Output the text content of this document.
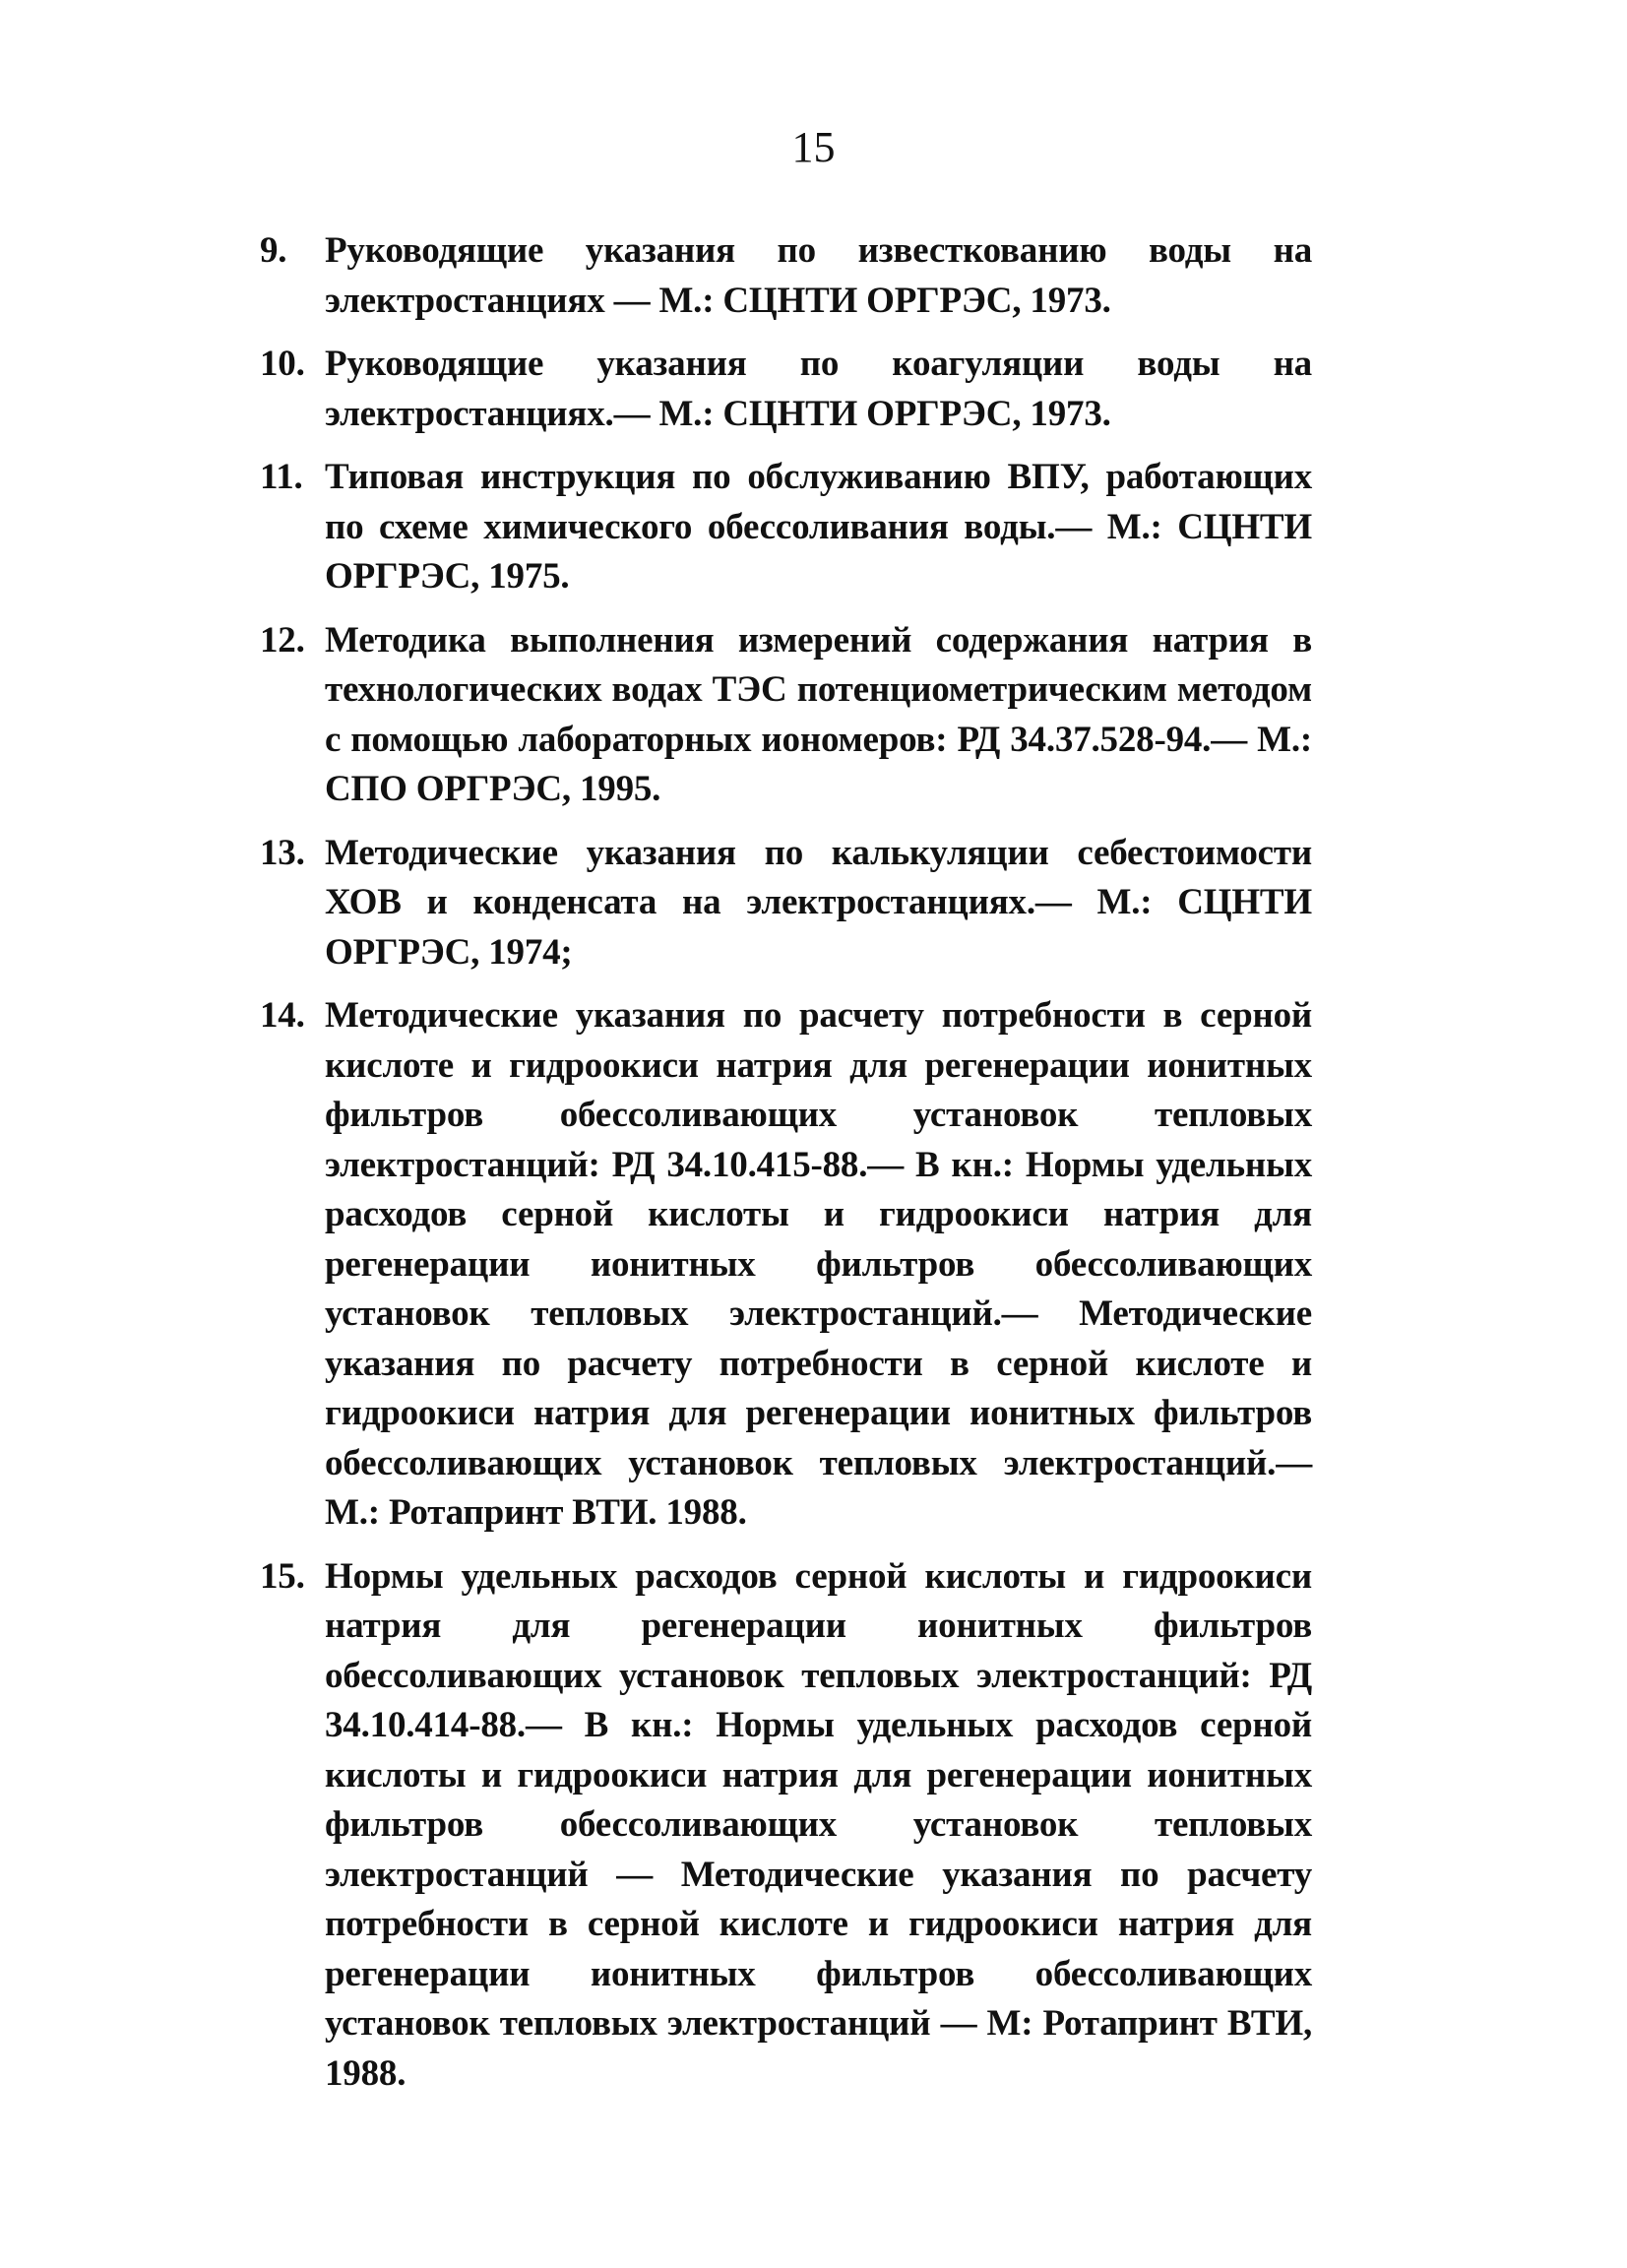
15
9. Руководящие указания по известкованию воды на электростанциях — М.: СЦНТИ ОРГРЭС, 1973.
10. Руководящие указания по коагуляции воды на электростанциях.— М.: СЦНТИ ОРГРЭС, 1973.
11. Типовая инструкция по обслуживанию ВПУ, работающих по схеме химического обессоливания воды.— М.: СЦНТИ ОРГРЭС, 1975.
12. Методика выполнения измерений содержания натрия в технологических водах ТЭС потенциометрическим методом с помощью лабораторных иономеров: РД 34.37.528-94.— М.: СПО ОРГРЭС, 1995.
13. Методические указания по калькуляции себестоимости ХОВ и конденсата на электростанциях.— М.: СЦНТИ ОРГРЭС, 1974;
14. Методические указания по расчету потребности в серной кислоте и гидроокиси натрия для регенерации ионитных фильтров обессоливающих установок тепловых электростанций: РД 34.10.415-88.— В кн.: Нормы удельных расходов серной кислоты и гидроокиси натрия для регенерации ионитных фильтров обессоливающих установок тепловых электростанций.— Методические указания по расчету потребности в серной кислоте и гидроокиси натрия для регенерации ионитных фильтров обессоливающих установок тепловых электростанций.— М.: Ротапринт ВТИ. 1988.
15. Нормы удельных расходов серной кислоты и гидроокиси натрия для регенерации ионитных фильтров обессоливающих установок тепловых электростанций: РД 34.10.414-88.— В кн.: Нормы удельных расходов серной кислоты и гидроокиси натрия для регенерации ионитных фильтров обессоливающих установок тепловых электростанций — Методические указания по расчету потребности в серной кислоте и гидроокиси натрия для регенерации ионитных фильтров обессоливающих установок тепловых электростанций — М: Ротапринт ВТИ, 1988.
